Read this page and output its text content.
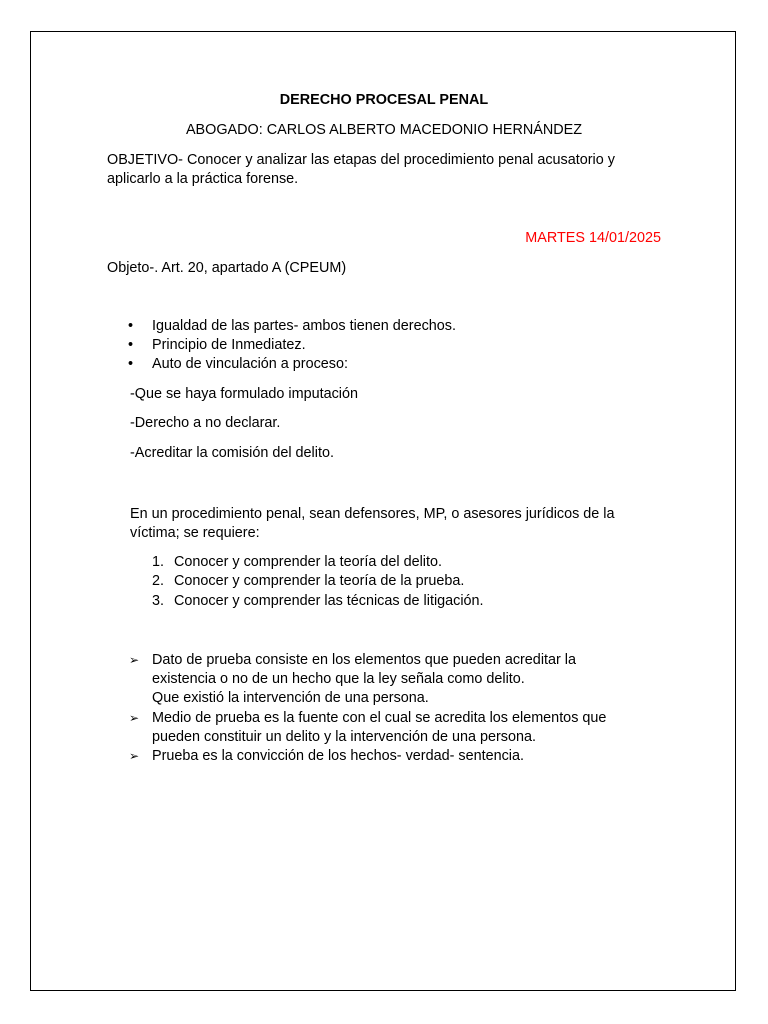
DERECHO PROCESAL PENAL
ABOGADO: CARLOS ALBERTO MACEDONIO HERNÁNDEZ
OBJETIVO- Conocer y analizar las etapas del procedimiento penal acusatorio y
aplicarlo a la práctica forense.
MARTES 14/01/2025
Objeto-. Art. 20, apartado A (CPEUM)
• Igualdad de las partes- ambos tienen derechos.
• Principio de Inmediatez.
• Auto de vinculación a proceso:
-Que se haya formulado imputación
-Derecho a no declarar.
-Acreditar la comisión del delito.
En un procedimiento penal, sean defensores, MP, o asesores jurídicos de la
víctima; se requiere:
1. Conocer y comprender la teoría del delito.
2. Conocer y comprender la teoría de la prueba.
3. Conocer y comprender las técnicas de litigación.
➢ Dato de prueba consiste en los elementos que pueden acreditar la
existencia o no de un hecho que la ley señala como delito.
Que existió la intervención de una persona.
➢ Medio de prueba es la fuente con el cual se acredita los elementos que
pueden constituir un delito y la intervención de una persona.
➢ Prueba es la convicción de los hechos- verdad- sentencia.
